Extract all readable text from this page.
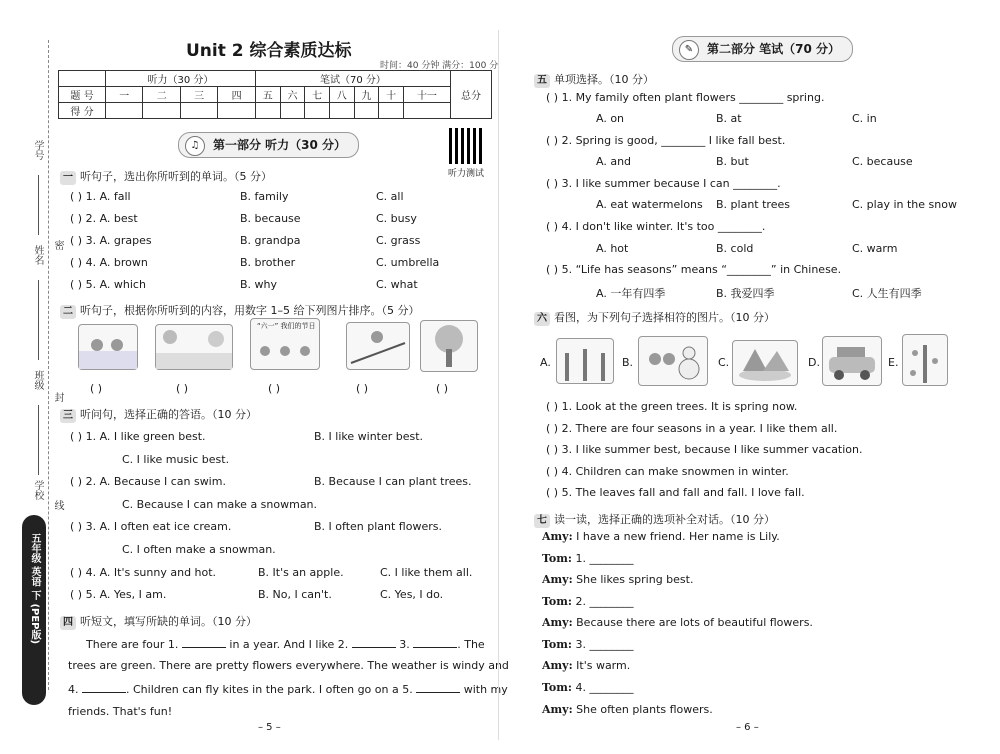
学号
姓名
班级
学校
密
封
线
五年级 英语 下 (PEP版)
Unit 2 综合素质达标
时间：40 分钟 满分：100 分
	听力（30 分）				笔试（70 分）							总分
题 号	一	二	三	四	五	六	七	八	九	十	十一	
得 分												
♫	第一部分 听力（30 分）
听力测试
一 听句子，选出你所听到的单词。（5 分）
( ) 1. A. fall	B. family	C. all
( ) 2. A. best	B. because	C. busy
( ) 3. A. grapes	B. grandpa	C. grass
( ) 4. A. brown	B. brother	C. umbrella
( ) 5. A. which	B. why	C. what
二 听句子，根据你所听到的内容，用数字 1–5 给下列图片排序。（5 分）
“六一” 我们的节日
( )	( )	( )	( )	( )
三 听问句，选择正确的答语。（10 分）
( ) 1. A. I like green best.	B. I like winter best.
C. I like music best.
( ) 2. A. Because I can swim.	B. Because I can plant trees.
C. Because I can make a snowman.
( ) 3. A. I often eat ice cream.	B. I often plant flowers.
C. I often make a snowman.
( ) 4. A. It's sunny and hot.	B. It's an apple.	C. I like them all.
( ) 5. A. Yes, I am.	B. No, I can't.	C. Yes, I do.
四 听短文，填写所缺的单词。（10 分）
There are four 1.	in a year. And I like 2.	3.	. The
trees are green. There are pretty flowers everywhere. The weather is windy and
4.	. Children can fly kites in the park. I often go on a 5.	with my
friends. That's fun!
– 5 –
✎	第二部分 笔试（70 分）
五 单项选择。（10 分）
( ) 1. My family often plant flowers ________ spring.
A. on	B. at	C. in
( ) 2. Spring is good, ________ I like fall best.
A. and	B. but	C. because
( ) 3. I like summer because I can ________.
A. eat watermelons B. plant trees	C. play in the snow
( ) 4. I don't like winter. It's too ________.
A. hot	B. cold	C. warm
( ) 5. “Life has seasons” means “________” in Chinese.
A. 一年有四季	B. 我爱四季	C. 人生有四季
六 看图，为下列句子选择相符的图片。（10 分）
A.	B.	C.	D.	E.
( ) 1. Look at the green trees. It is spring now.
( ) 2. There are four seasons in a year. I like them all.
( ) 3. I like summer best, because I like summer vacation.
( ) 4. Children can make snowmen in winter.
( ) 5. The leaves fall and fall and fall. I love fall.
七 读一读，选择正确的选项补全对话。（10 分）
Amy: I have a new friend. Her name is Lily.
Tom: 1. ________
Amy: She likes spring best.
Tom: 2. ________
Amy: Because there are lots of beautiful flowers.
Tom: 3. ________
Amy: It's warm.
Tom: 4. ________
Amy: She often plants flowers.
– 6 –
